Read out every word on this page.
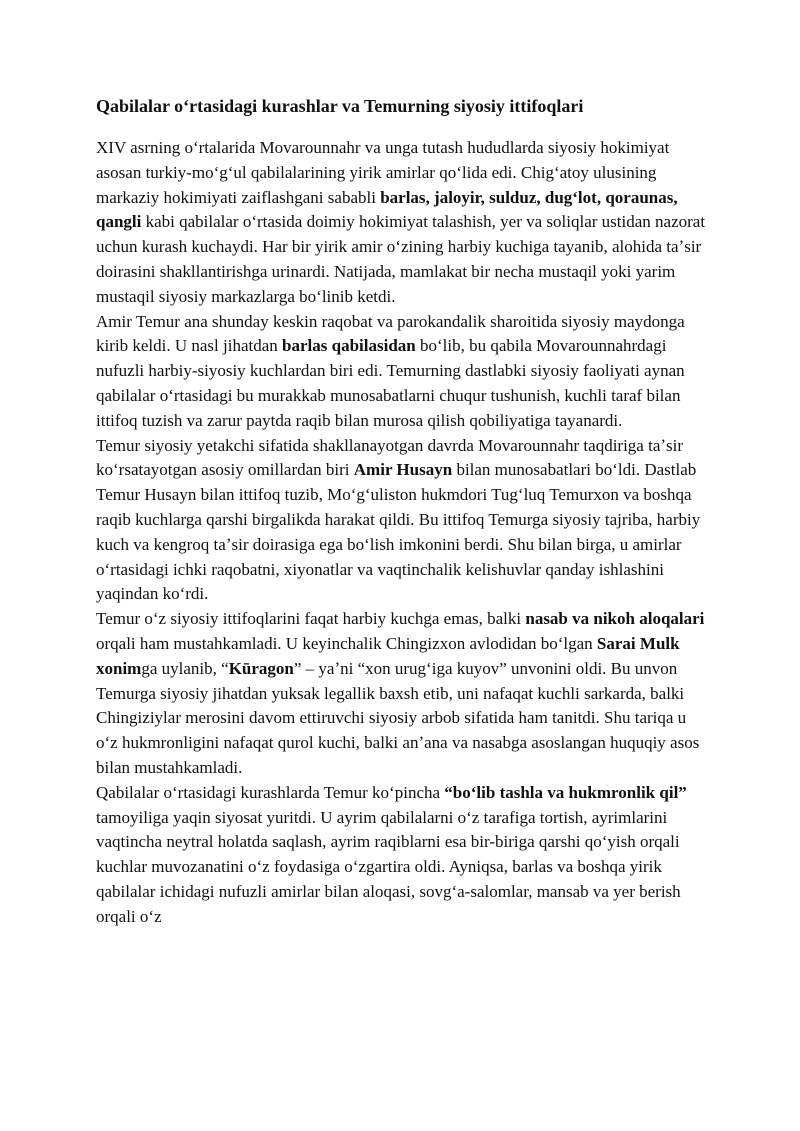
Qabilalar oʻrtasidagi kurashlar va Temurning siyosiy ittifoqlari

XIV asrning oʻrtalarida Movarounnahr va unga tutash hududlarda siyosiy hokimiyat asosan turkiy-moʻgʻul qabilalarining yirik amirlar qoʻlida edi. Chigʻatoy ulusining markaziy hokimiyati zaiflashgani sababli barlas, jaloyir, sulduz, dugʻlot, qoraunas, qangli kabi qabilalar oʻrtasida doimiy hokimiyat talashish, yer va soliqlar ustidan nazorat uchun kurash kuchaydi. Har bir yirik amir oʻzining harbiy kuchiga tayanib, alohida taʼsir doirasini shakllantirishga urinardi. Natijada, mamlakat bir necha mustaqil yoki yarim mustaqil siyosiy markazlarga boʻlinib ketdi.

Amir Temur ana shunday keskin raqobat va parokandalik sharoitida siyosiy maydonga kirib keldi. U nasl jihatdan barlas qabilasidan boʻlib, bu qabila Movarounnahrdagi nufuzli harbiy-siyosiy kuchlardan biri edi. Temurning dastlabki siyosiy faoliyati aynan qabilalar oʻrtasidagi bu murakkab munosabatlarni chuqur tushunish, kuchli taraf bilan ittifoq tuzish va zarur paytda raqib bilan murosa qilish qobiliyatiga tayanardi.

Temur siyosiy yetakchi sifatida shakllanayotgan davrda Movarounnahr taqdiriga taʼsir koʻrsatayotgan asosiy omillardan biri Amir Husayn bilan munosabatlari boʻldi. Dastlab Temur Husayn bilan ittifoq tuzib, Moʻgʻuliston hukmdori Tugʻluq Temurxon va boshqa raqib kuchlarga qarshi birgalikda harakat qildi. Bu ittifoq Temurga siyosiy tajriba, harbiy kuch va kengroq taʼsir doirasiga ega boʻlish imkonini berdi. Shu bilan birga, u amirlar oʻrtasidagi ichki raqobatni, xiyonatlar va vaqtinchalik kelishuvlar qanday ishlashini yaqindan koʻrdi.

Temur oʻz siyosiy ittifoqlarini faqat harbiy kuchga emas, balki nasab va nikoh aloqalari orqali ham mustahkamladi. U keyinchalik Chingizxon avlodidan boʻlgan Sarai Mulk xonimga uylanib, “Kūragon” – yaʼni “xon urugʻiga kuyov” unvonini oldi. Bu unvon Temurga siyosiy jihatdan yuksak legallik baxsh etib, uni nafaqat kuchli sarkarda, balki Chingiziylar merosini davom ettiruvchi siyosiy arbob sifatida ham tanitdi. Shu tariqa u oʻz hukmronligini nafaqat qurol kuchi, balki anʼana va nasabga asoslangan huquqiy asos bilan mustahkamladi.

Qabilalar oʻrtasidagi kurashlarda Temur koʻpincha “boʻlib tashla va hukmronlik qil” tamoyiliga yaqin siyosat yuritdi. U ayrim qabilalarni oʻz tarafiga tortish, ayrimlarini vaqtincha neytral holatda saqlash, ayrim raqiblarni esa bir-biriga qarshi qoʻyish orqali kuchlar muvozanatini oʻz foydasiga oʻzgartira oldi. Ayniqsa, barlas va boshqa yirik qabilalar ichidagi nufuzli amirlar bilan aloqasi, sovgʻa-salomlar, mansab va yer berish orqali oʻz
